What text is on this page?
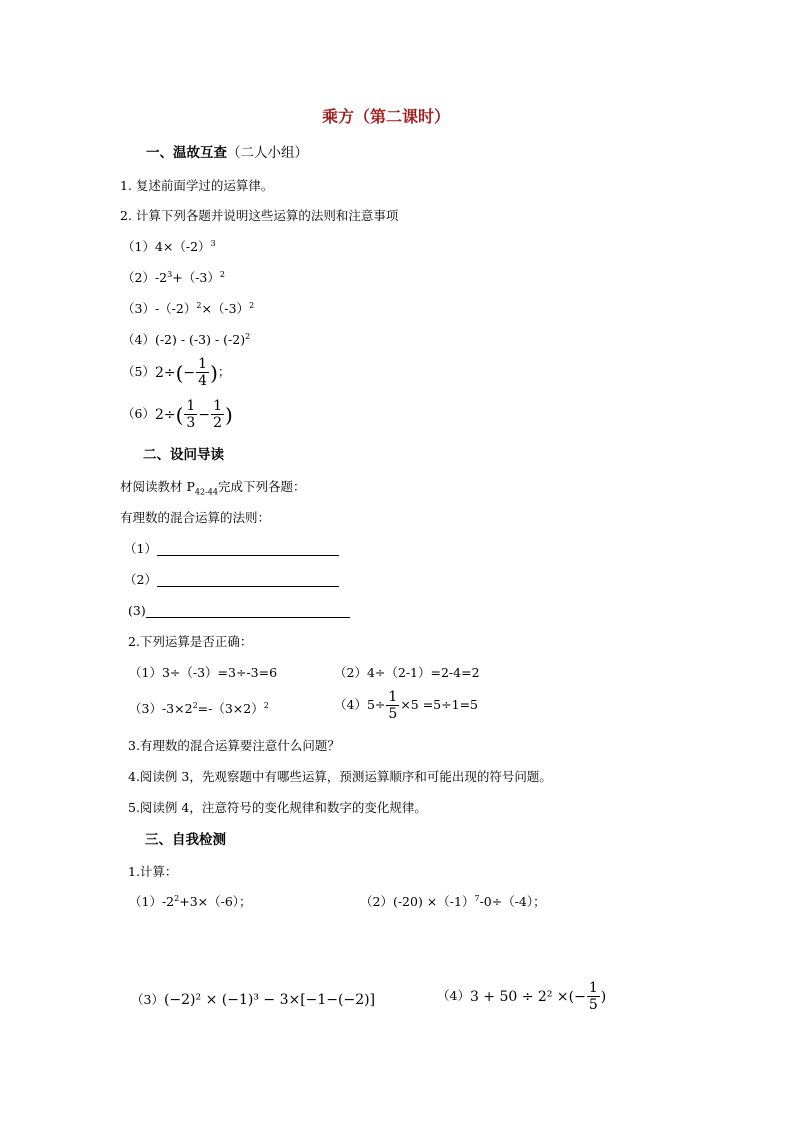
乘方（第二课时）
一、温故互查（二人小组）
1. 复述前面学过的运算律。
2. 计算下列各题并说明这些运算的法则和注意事项
$(1)4\times(-2)^3$
$(2)-2^3+(-3)^2$
$(3)-(-2)^2\times(-3)^2$
$(4)(-2) - (-3) - (-2)^2$
（5） 2÷ ( − $\frac{1}{4}$ ) ；
（6） 2÷ ( $\frac{1}{3} - \frac{1}{2}$ )
二、设问导读
材阅读教材 $P_{42-44}$完成下列各题：
有理数的混合运算的法则：
（1）
（2）
(3)
2.下列运算是否正确：
（1）3÷（-3）=3÷-3=6	（2）4÷（2-1）=2-4=2
$(3)-3\times 2^2=-(3\times 2)^2$	（4） $5\div \frac{1}{5} \times 5 =5\div 1=5$
3.有理数的混合运算要注意什么问题？
4.阅读例 3，先观察题中有哪些运算，预测运算顺序和可能出现的符号问题。
5.阅读例 4，注意符号的变化规律和数字的变化规律。
三、自我检测
1.计算：
$(1)-2^2+3\times(-6)$；	$(2)(-20) \times(-1)^7-0\div(-4)$；
（3）(−2)² × (−1)³ − 3×[−1−(−2)]	（4） 3 + 50 ÷ 2² ×(− $\frac{1}{5}$ )
